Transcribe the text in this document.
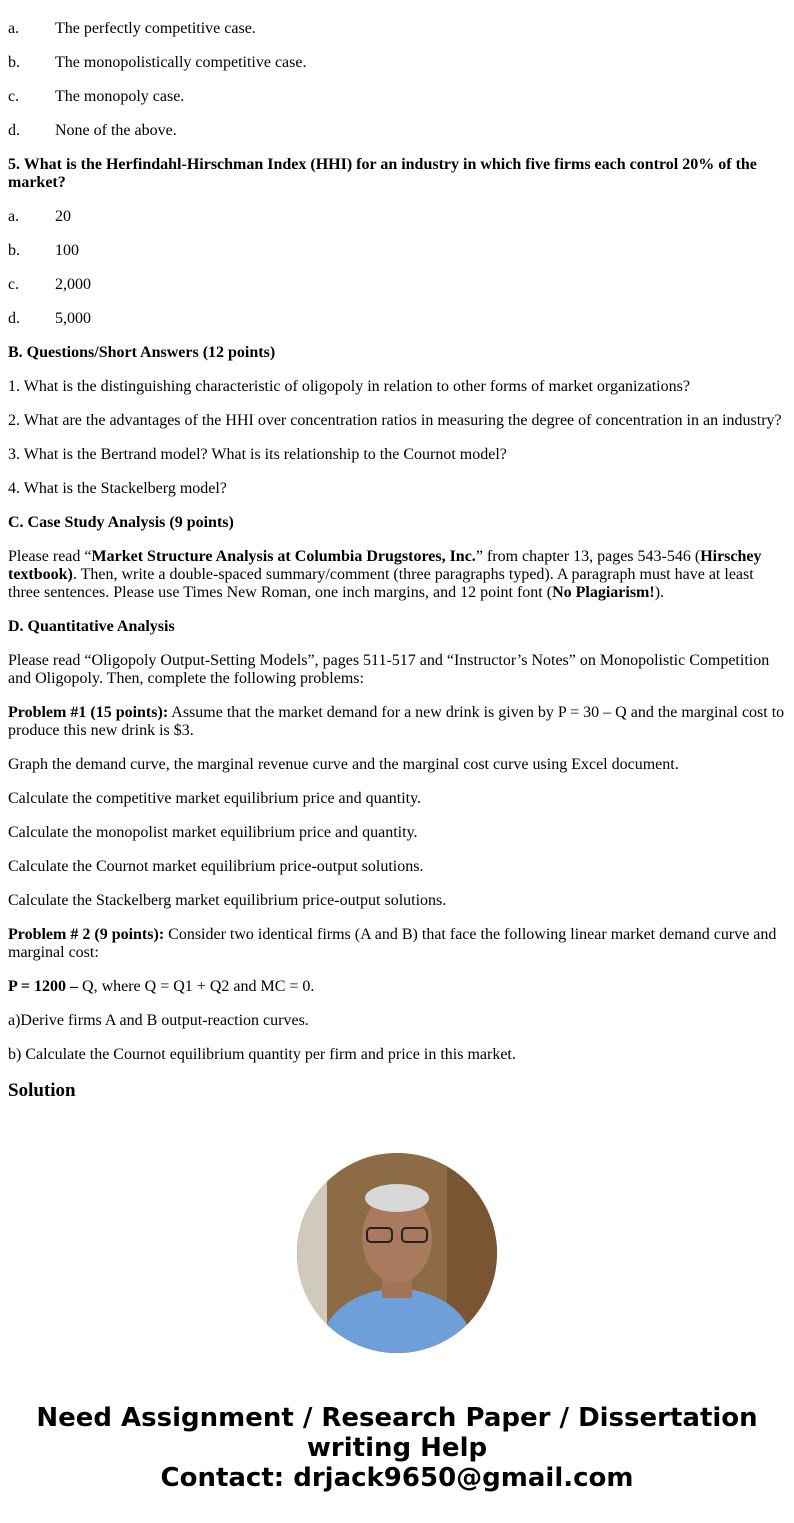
a. The perfectly competitive case.

b. The monopolistically competitive case.

c. The monopoly case.

d. None of the above.

5. What is the Herfindahl-Hirschman Index (HHI) for an industry in which five firms each control 20% of the market?

a. 20

b. 100

c. 2,000

d. 5,000

B. Questions/Short Answers (12 points)

1. What is the distinguishing characteristic of oligopoly in relation to other forms of market organizations?

2. What are the advantages of the HHI over concentration ratios in measuring the degree of concentration in an industry?

3. What is the Bertrand model? What is its relationship to the Cournot model?

4. What is the Stackelberg model?

C. Case Study Analysis (9 points)

Please read “Market Structure Analysis at Columbia Drugstores, Inc.” from chapter 13, pages 543-546 (Hirschey textbook). Then, write a double-spaced summary/comment (three paragraphs typed). A paragraph must have at least three sentences. Please use Times New Roman, one inch margins, and 12 point font (No Plagiarism!).

D. Quantitative Analysis

Please read “Oligopoly Output-Setting Models”, pages 511-517 and “Instructor’s Notes” on Monopolistic Competition and Oligopoly. Then, complete the following problems:

Problem #1 (15 points): Assume that the market demand for a new drink is given by P = 30 – Q and the marginal cost to produce this new drink is $3.

Graph the demand curve, the marginal revenue curve and the marginal cost curve using Excel document.

Calculate the competitive market equilibrium price and quantity.

Calculate the monopolist market equilibrium price and quantity.

Calculate the Cournot market equilibrium price-output solutions.

Calculate the Stackelberg market equilibrium price-output solutions.

Problem # 2 (9 points): Consider two identical firms (A and B) that face the following linear market demand curve and marginal cost:

P = 1200 – Q, where Q = Q1 + Q2 and MC = 0.

a)Derive firms A and B output-reaction curves.

b) Calculate the Cournot equilibrium quantity per firm and price in this market.

Solution
Need Assignment / Research Paper / Dissertation writing Help
Contact: drjack9650@gmail.com
